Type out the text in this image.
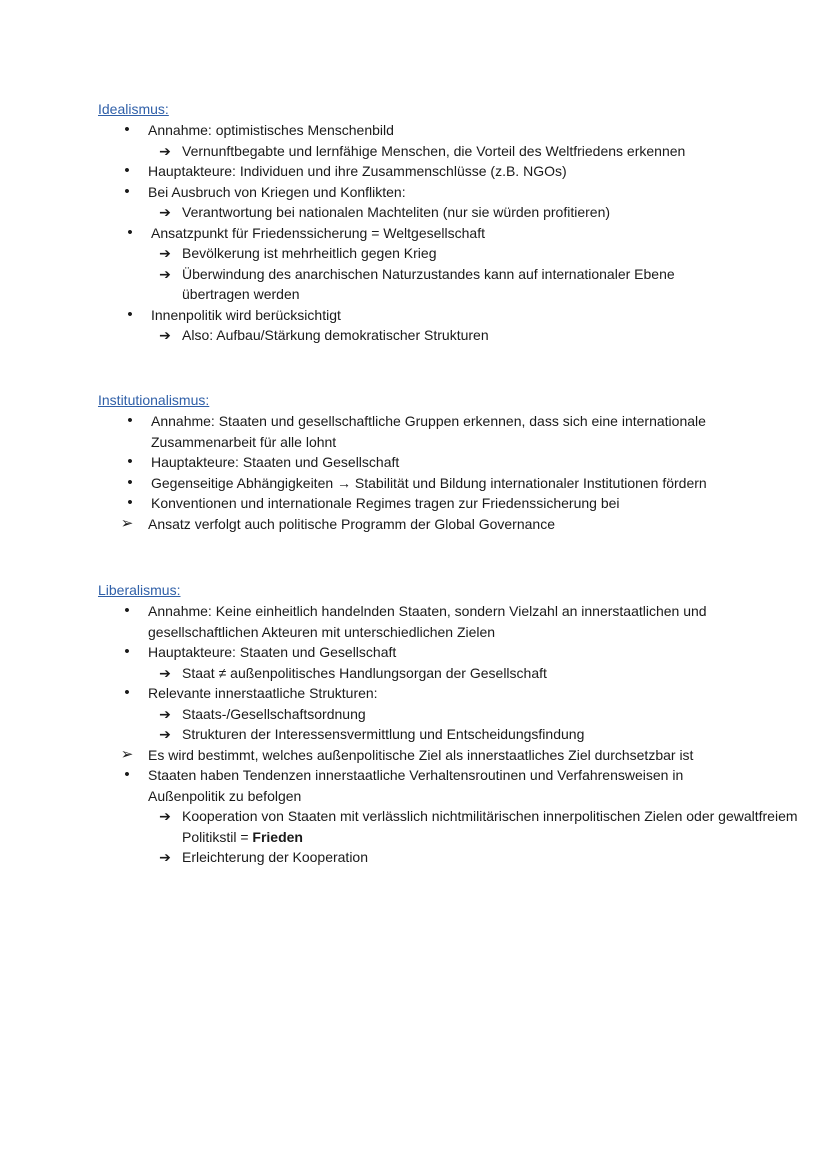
Idealismus:
•	Annahme: optimistisches Menschenbild
➔ Vernunftbegabte und lernfähige Menschen, die Vorteil des Weltfriedens erkennen
•	Hauptakteure: Individuen und ihre Zusammenschlüsse (z.B. NGOs)
•	Bei Ausbruch von Kriegen und Konflikten:
➔ Verantwortung bei nationalen Machteliten (nur sie würden profitieren)
•	Ansatzpunkt für Friedenssicherung = Weltgesellschaft
➔ Bevölkerung ist mehrheitlich gegen Krieg
➔ Überwindung des anarchischen Naturzustandes kann auf internationaler Ebene übertragen werden
•	Innenpolitik wird berücksichtigt
➔ Also: Aufbau/Stärkung demokratischer Strukturen
Institutionalismus:
•	Annahme: Staaten und gesellschaftliche Gruppen erkennen, dass sich eine internationale Zusammenarbeit für alle lohnt
•	Hauptakteure: Staaten und Gesellschaft
•	Gegenseitige Abhängigkeiten → Stabilität und Bildung internationaler Institutionen fördern
•	Konventionen und internationale Regimes tragen zur Friedenssicherung bei
➢ Ansatz verfolgt auch politische Programm der Global Governance
Liberalismus:
•	Annahme: Keine einheitlich handelnden Staaten, sondern Vielzahl an innerstaatlichen und gesellschaftlichen Akteuren mit unterschiedlichen Zielen
•	Hauptakteure: Staaten und Gesellschaft
➔ Staat ≠ außenpolitisches Handlungsorgan der Gesellschaft
•	Relevante innerstaatliche Strukturen:
➔ Staats-/Gesellschaftsordnung
➔ Strukturen der Interessensvermittlung und Entscheidungsfindung
➢ Es wird bestimmt, welches außenpolitische Ziel als innerstaatliches Ziel durchsetzbar ist
•	Staaten haben Tendenzen innerstaatliche Verhaltensroutinen und Verfahrensweisen in Außenpolitik zu befolgen
➔ Kooperation von Staaten mit verlässlich nichtmilitärischen innerpolitischen Zielen oder gewaltfreiem Politikstil = Frieden
➔ Erleichterung der Kooperation
